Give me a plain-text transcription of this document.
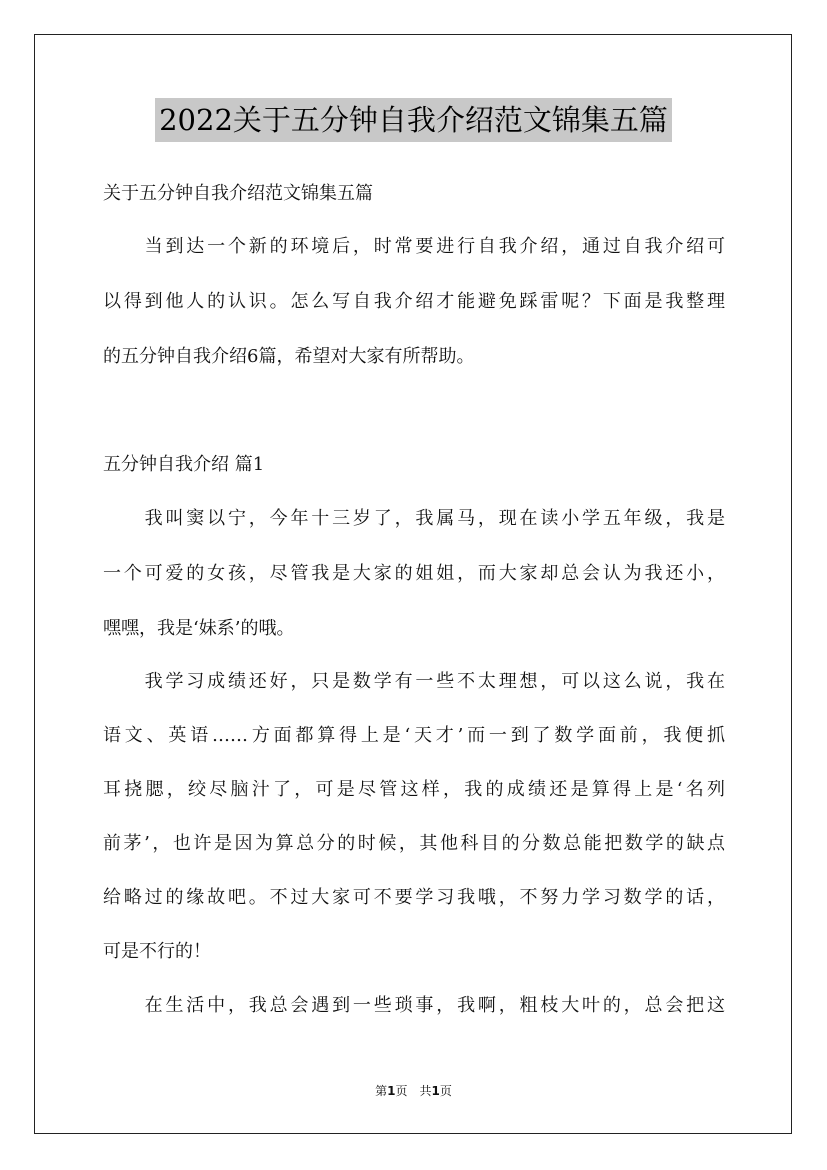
2022关于五分钟自我介绍范文锦集五篇
关于五分钟自我介绍范文锦集五篇
　　当到达一个新的环境后，时常要进行自我介绍，通过自我介绍可
以得到他人的认识。怎么写自我介绍才能避免踩雷呢？下面是我整理
的五分钟自我介绍6篇，希望对大家有所帮助。
五分钟自我介绍 篇1
　　我叫窦以宁，今年十三岁了，我属马，现在读小学五年级，我是
一个可爱的女孩，尽管我是大家的姐姐，而大家却总会认为我还小，
嘿嘿，我是‘妹系’的哦。
　　我学习成绩还好，只是数学有一些不太理想，可以这么说，我在
语文、英语……方面都算得上是‘天才’而一到了数学面前，我便抓
耳挠腮，绞尽脑汁了，可是尽管这样，我的成绩还是算得上是‘名列
前茅’，也许是因为算总分的时候，其他科目的分数总能把数学的缺点
给略过的缘故吧。不过大家可不要学习我哦，不努力学习数学的话，
可是不行的！
　　在生活中，我总会遇到一些琐事，我啊，粗枝大叶的，总会把这
第1页　共1页
